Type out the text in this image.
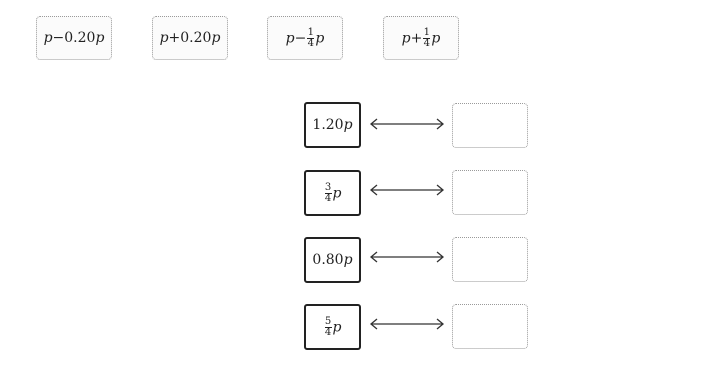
p−0.20p	p+0.20p	$p- \frac{1}{4}$ p	$p+ \frac{1}{4}$ p
1.20p
$\frac{3}{4}$ p
0.80p
$\frac{5}{4}$ p
